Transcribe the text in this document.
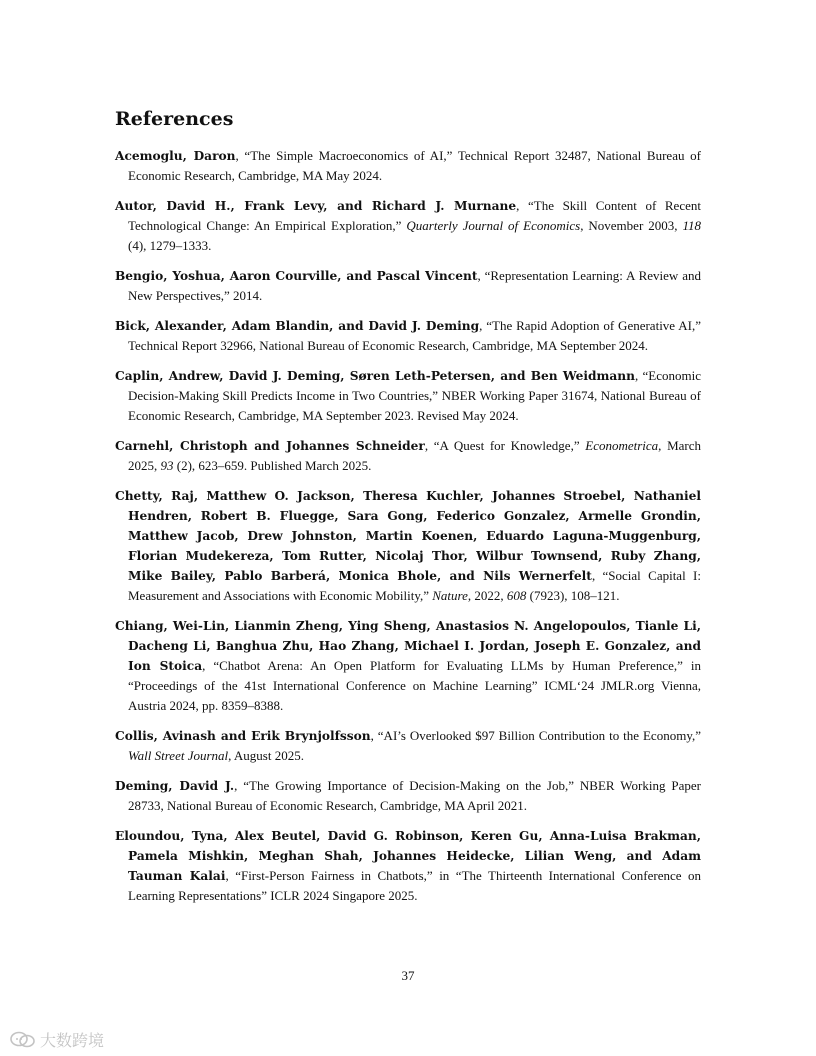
References

Acemoglu, Daron, “The Simple Macroeconomics of AI,” Technical Report 32487, National Bureau of Economic Research, Cambridge, MA May 2024.

Autor, David H., Frank Levy, and Richard J. Murnane, “The Skill Content of Recent Technological Change: An Empirical Exploration,” Quarterly Journal of Economics, November 2003, 118 (4), 1279–1333.

Bengio, Yoshua, Aaron Courville, and Pascal Vincent, “Representation Learning: A Review and New Perspectives,” 2014.

Bick, Alexander, Adam Blandin, and David J. Deming, “The Rapid Adoption of Generative AI,” Technical Report 32966, National Bureau of Economic Research, Cambridge, MA September 2024.

Caplin, Andrew, David J. Deming, Søren Leth-Petersen, and Ben Weidmann, “Economic Decision-Making Skill Predicts Income in Two Countries,” NBER Working Paper 31674, National Bureau of Economic Research, Cambridge, MA September 2023. Revised May 2024.

Carnehl, Christoph and Johannes Schneider, “A Quest for Knowledge,” Econometrica, March 2025, 93 (2), 623–659. Published March 2025.

Chetty, Raj, Matthew O. Jackson, Theresa Kuchler, Johannes Stroebel, Nathaniel Hendren, Robert B. Fluegge, Sara Gong, Federico Gonzalez, Armelle Grondin, Matthew Jacob, Drew Johnston, Martin Koenen, Eduardo Laguna-Muggenburg, Florian Mudekereza, Tom Rutter, Nicolaj Thor, Wilbur Townsend, Ruby Zhang, Mike Bailey, Pablo Barberá, Monica Bhole, and Nils Wernerfelt, “Social Capital I: Measurement and Associations with Economic Mobility,” Nature, 2022, 608 (7923), 108–121.

Chiang, Wei-Lin, Lianmin Zheng, Ying Sheng, Anastasios N. Angelopoulos, Tianle Li, Dacheng Li, Banghua Zhu, Hao Zhang, Michael I. Jordan, Joseph E. Gonzalez, and Ion Stoica, “Chatbot Arena: An Open Platform for Evaluating LLMs by Human Preference,” in “Proceedings of the 41st International Conference on Machine Learning” ICML‘24 JMLR.org Vienna, Austria 2024, pp. 8359–8388.

Collis, Avinash and Erik Brynjolfsson, “AI’s Overlooked $97 Billion Contribution to the Economy,” Wall Street Journal, August 2025.

Deming, David J., “The Growing Importance of Decision-Making on the Job,” NBER Working Paper 28733, National Bureau of Economic Research, Cambridge, MA April 2021.

Eloundou, Tyna, Alex Beutel, David G. Robinson, Keren Gu, Anna-Luisa Brakman, Pamela Mishkin, Meghan Shah, Johannes Heidecke, Lilian Weng, and Adam Tauman Kalai, “First-Person Fairness in Chatbots,” in “The Thirteenth International Conference on Learning Representations” ICLR 2024 Singapore 2025.

37
大数跨境
